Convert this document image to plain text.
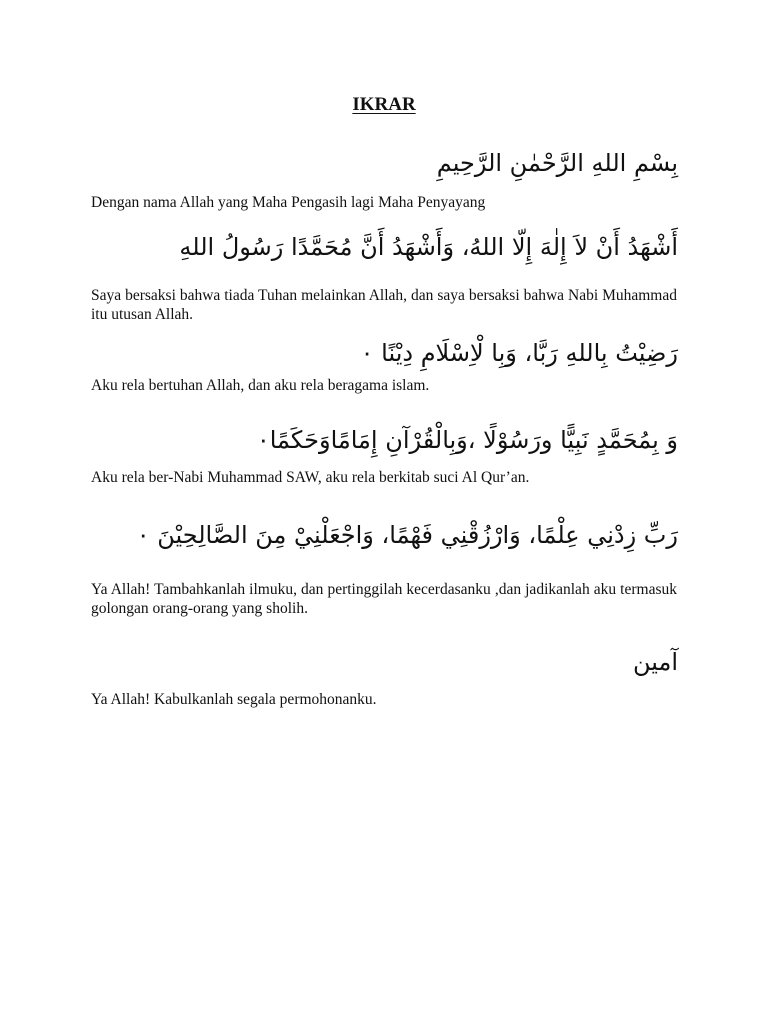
IKRAR
بِسْمِ اللهِ الرَّحْمٰنِ الرَّحِيمِ
Dengan nama Allah yang Maha Pengasih lagi Maha Penyayang
أَشْهَدُ أَنْ لاَ إِلٰهَ إِلّا اللهُ، وَأَشْهَدُ أَنَّ مُحَمَّدًا رَسُولُ اللهِ
Saya bersaksi bahwa tiada Tuhan melainkan Allah, dan saya bersaksi bahwa Nabi Muhammad itu utusan Allah.
رَضِيْتُ بِاللهِ رَبَّا، وَبِا لْاِسْلَامِ دِيْنًا ٠
Aku rela bertuhan Allah, dan aku rela beragama islam.
وَ بِمُحَمَّدٍ نَبِيًّا ورَسُوْلًا ،وَبِالْقُرْآنِ إِمَامًاوَحَكَمًا٠
Aku rela ber-Nabi Muhammad SAW, aku rela berkitab suci Al Qur’an.
رَبِّ زِدْنِي عِلْمًا، وَارْزُقْنِي فَهْمًا، وَاجْعَلْنِيْ مِنَ الصَّالِحِيْنَ ٠
Ya Allah! Tambahkanlah ilmuku, dan pertinggilah kecerdasanku ,dan jadikanlah aku termasuk golongan orang-orang yang sholih.
آمين
Ya Allah! Kabulkanlah segala permohonanku.
